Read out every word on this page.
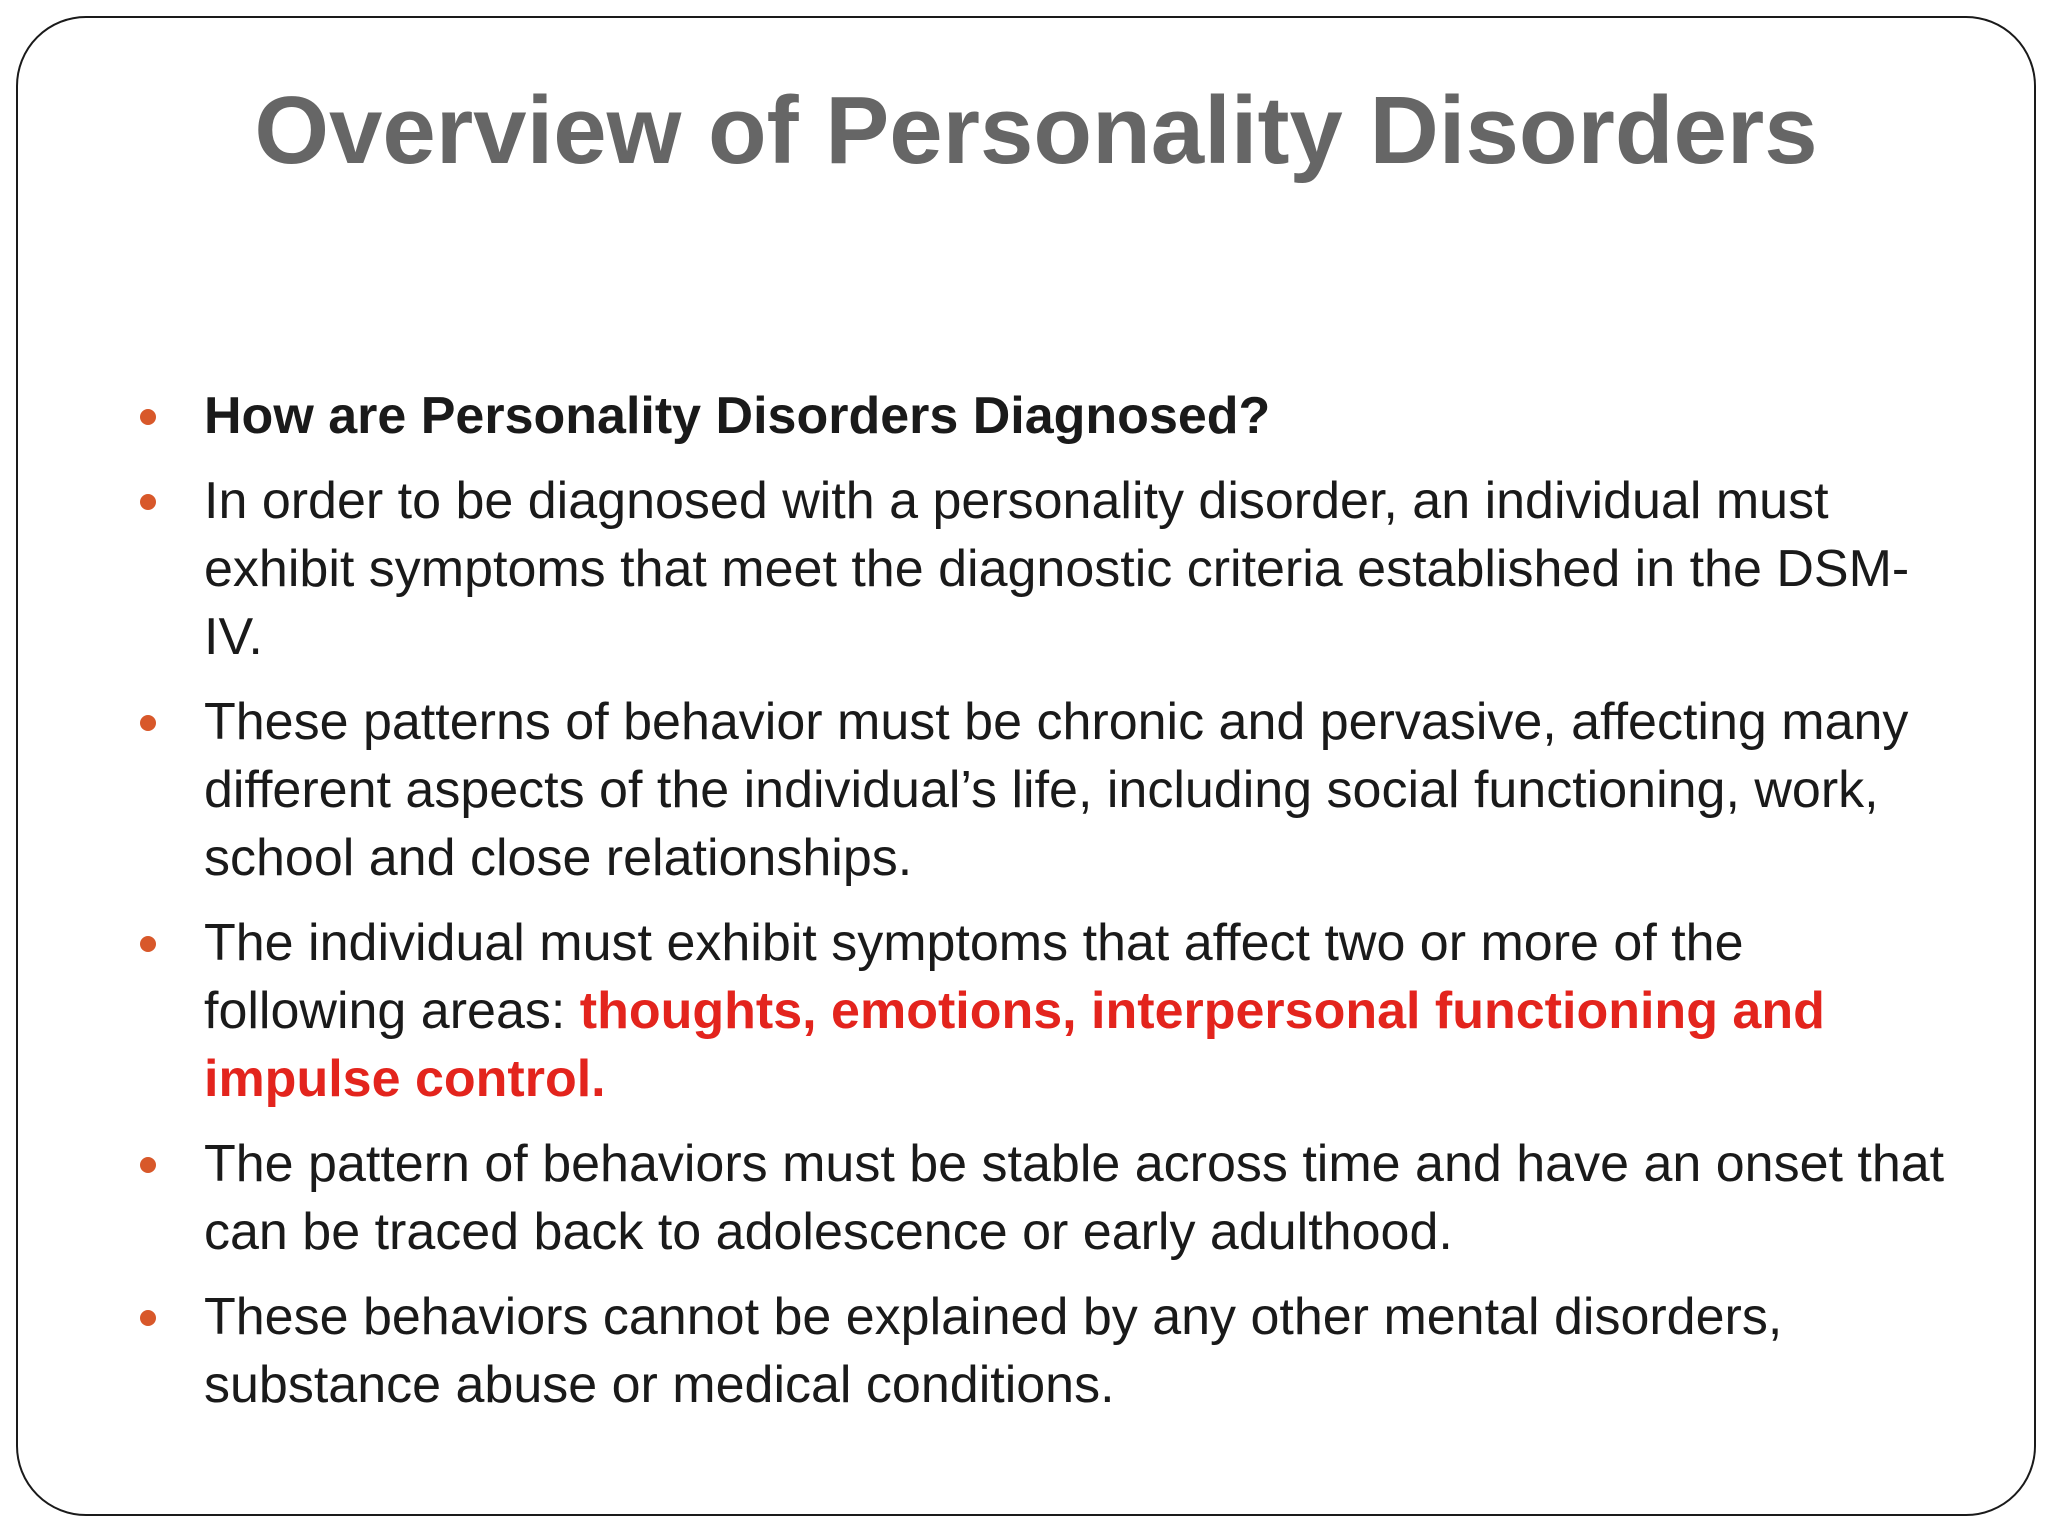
Overview of Personality Disorders
How are Personality Disorders Diagnosed?
In order to be diagnosed with a personality disorder, an individual must exhibit symptoms that meet the diagnostic criteria established in the DSM-IV.
These patterns of behavior must be chronic and pervasive, affecting many different aspects of the individual’s life, including social functioning, work, school and close relationships.
The individual must exhibit symptoms that affect two or more of the following areas: thoughts, emotions, interpersonal functioning and impulse control.
The pattern of behaviors must be stable across time and have an onset that can be traced back to adolescence or early adulthood.
These behaviors cannot be explained by any other mental disorders, substance abuse or medical conditions.
